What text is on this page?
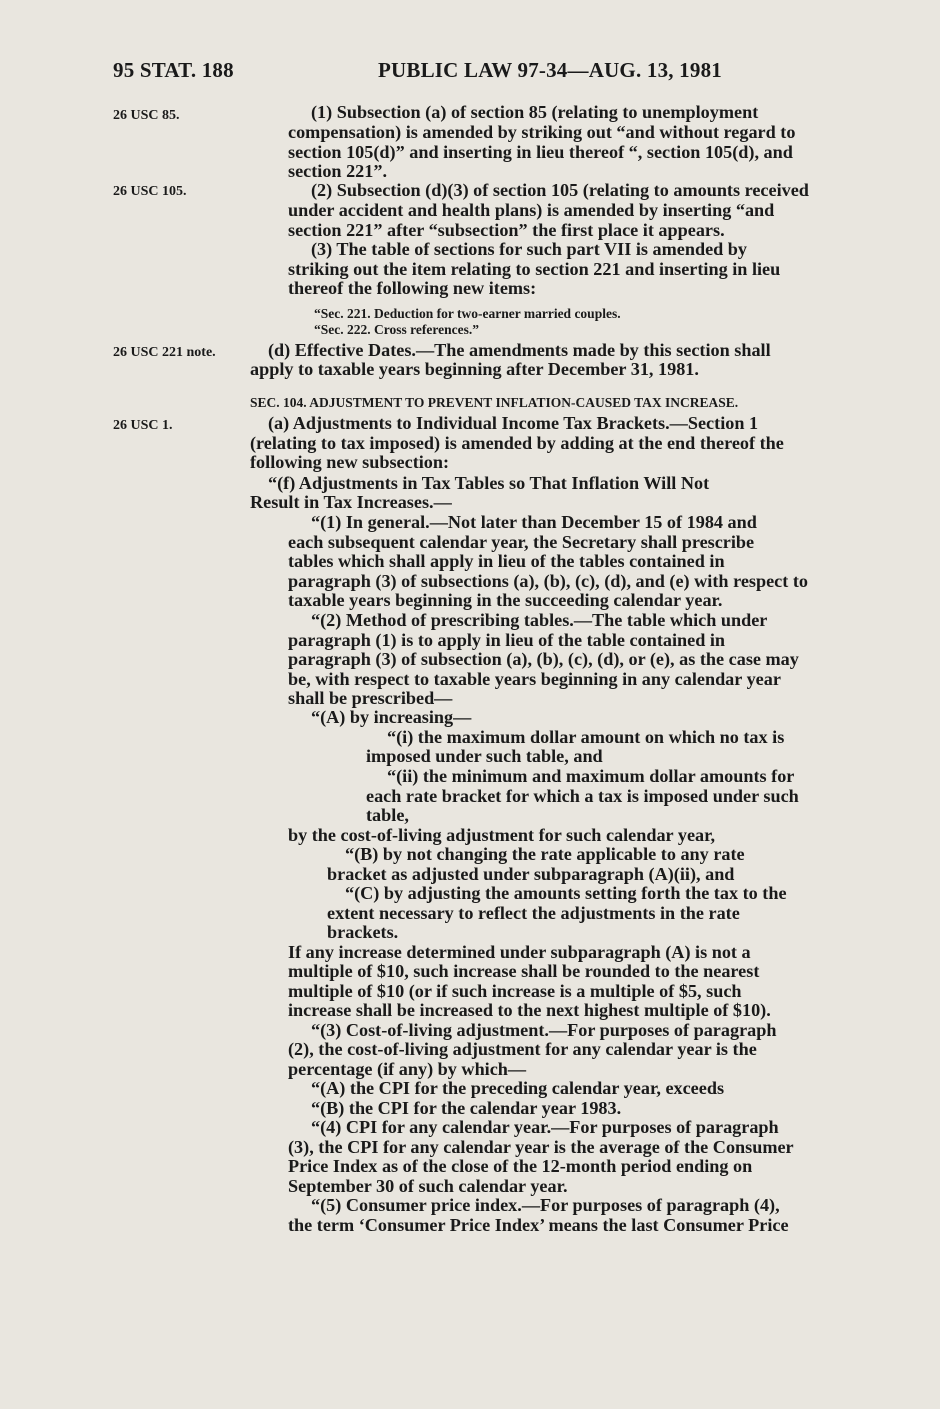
95 STAT. 188	PUBLIC LAW 97-34—AUG. 13, 1981
26 USC 85.
26 USC 105.
26 USC 221 note.
26 USC 1.
(1) Subsection (a) of section 85 (relating to unemployment
compensation) is amended by striking out “and without regard to
section 105(d)” and inserting in lieu thereof “, section 105(d), and
section 221”.
(2) Subsection (d)(3) of section 105 (relating to amounts received
under accident and health plans) is amended by inserting “and
section 221” after “subsection” the first place it appears.
(3) The table of sections for such part VII is amended by
striking out the item relating to section 221 and inserting in lieu
thereof the following new items:
“Sec. 221. Deduction for two-earner married couples.
“Sec. 222. Cross references.”
(d) Effective Dates.—The amendments made by this section shall
apply to taxable years beginning after December 31, 1981.
SEC. 104. ADJUSTMENT TO PREVENT INFLATION-CAUSED TAX INCREASE.
(a) Adjustments to Individual Income Tax Brackets.—Section 1
(relating to tax imposed) is amended by adding at the end thereof the
following new subsection:
“(f) Adjustments in Tax Tables so That Inflation Will Not
Result in Tax Increases.—
“(1) In general.—Not later than December 15 of 1984 and
each subsequent calendar year, the Secretary shall prescribe
tables which shall apply in lieu of the tables contained in
paragraph (3) of subsections (a), (b), (c), (d), and (e) with respect to
taxable years beginning in the succeeding calendar year.
“(2) Method of prescribing tables.—The table which under
paragraph (1) is to apply in lieu of the table contained in
paragraph (3) of subsection (a), (b), (c), (d), or (e), as the case may
be, with respect to taxable years beginning in any calendar year
shall be prescribed—
“(A) by increasing—
“(i) the maximum dollar amount on which no tax is
imposed under such table, and
“(ii) the minimum and maximum dollar amounts for
each rate bracket for which a tax is imposed under such
table,
by the cost-of-living adjustment for such calendar year,
“(B) by not changing the rate applicable to any rate
bracket as adjusted under subparagraph (A)(ii), and
“(C) by adjusting the amounts setting forth the tax to the
extent necessary to reflect the adjustments in the rate
brackets.
If any increase determined under subparagraph (A) is not a
multiple of $10, such increase shall be rounded to the nearest
multiple of $10 (or if such increase is a multiple of $5, such
increase shall be increased to the next highest multiple of $10).
“(3) Cost-of-living adjustment.—For purposes of paragraph
(2), the cost-of-living adjustment for any calendar year is the
percentage (if any) by which—
“(A) the CPI for the preceding calendar year, exceeds
“(B) the CPI for the calendar year 1983.
“(4) CPI for any calendar year.—For purposes of paragraph
(3), the CPI for any calendar year is the average of the Consumer
Price Index as of the close of the 12-month period ending on
September 30 of such calendar year.
“(5) Consumer price index.—For purposes of paragraph (4),
the term ‘Consumer Price Index’ means the last Consumer Price
